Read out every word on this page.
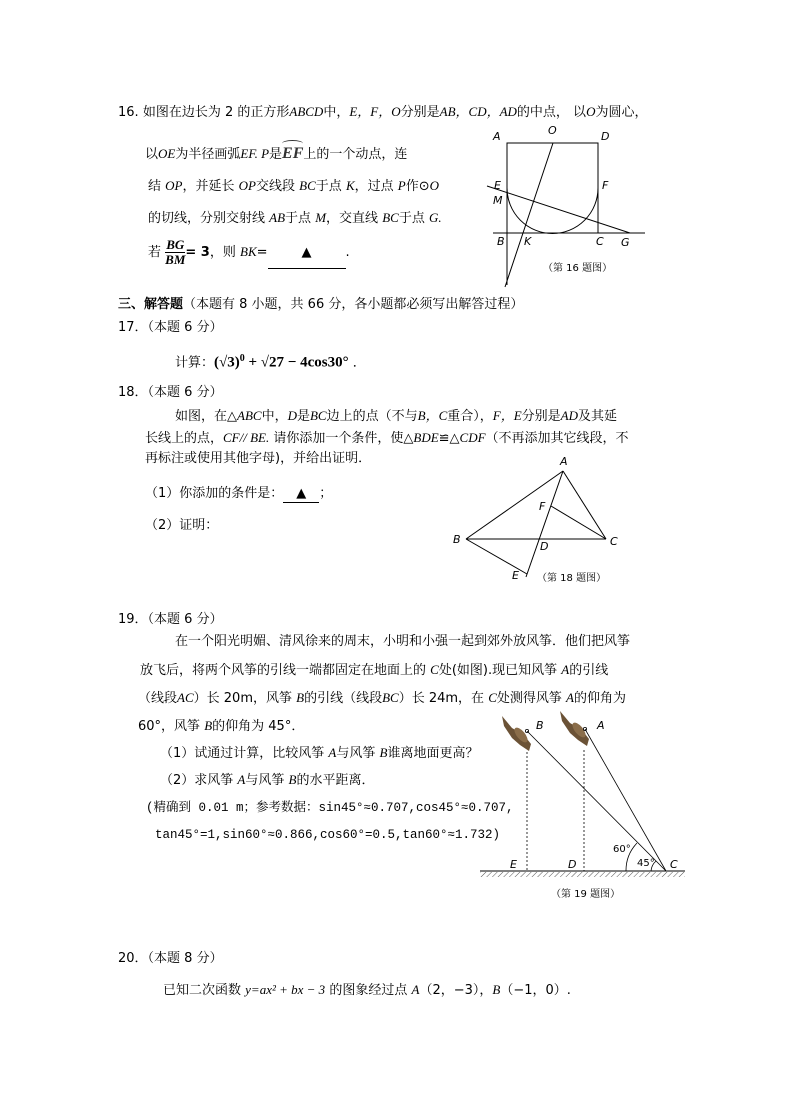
16. 如图在边长为 2 的正方形ABCD中，E，F，O分别是AB，CD，AD的中点， 以O为圆心，
以OE为半径画弧EF. P是
EF上的一个动点，连
结 OP，并延长 OP交线段 BC于点 K，过点 P作⊙O
的切线，分别交射线 AB于点 M，交直线 BC于点 G.
若 $\frac{BG}{BM} = 3$，则 BK=	▲	.
A	O	D
E	F
M
B K	C G
（第 16 题图）
三、解答题（本题有 8 小题，共 66 分，各小题都必须写出解答过程）
17．（本题 6 分）
计算：$(√3)^0 + √27 - 4\cos 30^\circ$ ．
18．（本题 6 分）
如图，在△ABC中，D是BC边上的点（不与B，C重合），F，E分别是AD及其延
长线上的点，CF// BE. 请你添加一个条件，使△BDE≌△CDF（不再添加其它线段，不
再标注或使用其他字母)，并给出证明．
（1）你添加的条件是： ▲ ；
（2）证明：
A
B	C
D
E
F
（第 18 题图）
19．（本题 6 分）
在一个阳光明媚、清风徐来的周末，小明和小强一起到郊外放风筝．他们把风筝
放飞后，将两个风筝的引线一端都固定在地面上的 C处(如图).现已知风筝 A的引线
（线段AC）长 20m，风筝 B的引线（线段BC）长 24m，在 C处测得风筝 A的仰角为
60°，风筝 B的仰角为 45°．
（1）试通过计算，比较风筝 A与风筝 B谁离地面更高？
（2）求风筝 A与风筝 B的水平距离．
(精确到 0.01 m；参考数据：sin45°≈0.707,cos45°≈0.707,
tan45°=1,sin60°≈0.866,cos60°=0.5,tan60°≈1.732)
B	A
C
D
E
60°
45°
（第 19 题图）
20．（本题 8 分）
已知二次函数 y=ax² + bx − 3 的图象经过点 A（2，−3），B（−1，0）.
